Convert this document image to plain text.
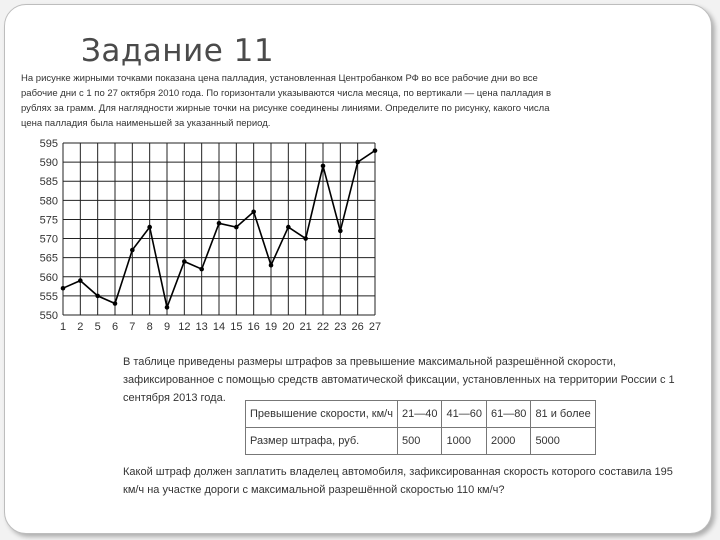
Задание 11
На рисунке жирными точками показана цена палладия, установленная Центробанком РФ во все рабочие дни во все рабочие дни с 1 по 27 октября 2010 года. По горизонтали указываются числа месяца, по вертикали — цена палладия в рублях за грамм. Для наглядности жирные точки на рисунке соединены линиями. Определите по рисунку, какого числа цена палладия была наименьшей за указанный период.
595
590
585
580
575
570
565
560
555
550
1 2 5 6 7 8 9 12 13 14 15 16 19 20 21 22 23 26 27
В таблице приведены размеры штрафов за превышение максимальной разрешённой скорости, зафиксированное с помощью средств автоматической фиксации, установленных на территории России с 1 сентября 2013 года.
Превышение скорости, км/ч	21—40	41—60	61—80	81 и более
Размер штрафа, руб.	500	1000	2000	5000
Какой штраф должен заплатить владелец автомобиля, зафиксированная скорость которого составила 195 км/ч на участке дороги с максимальной разрешённой скоростью 110 км/ч?
